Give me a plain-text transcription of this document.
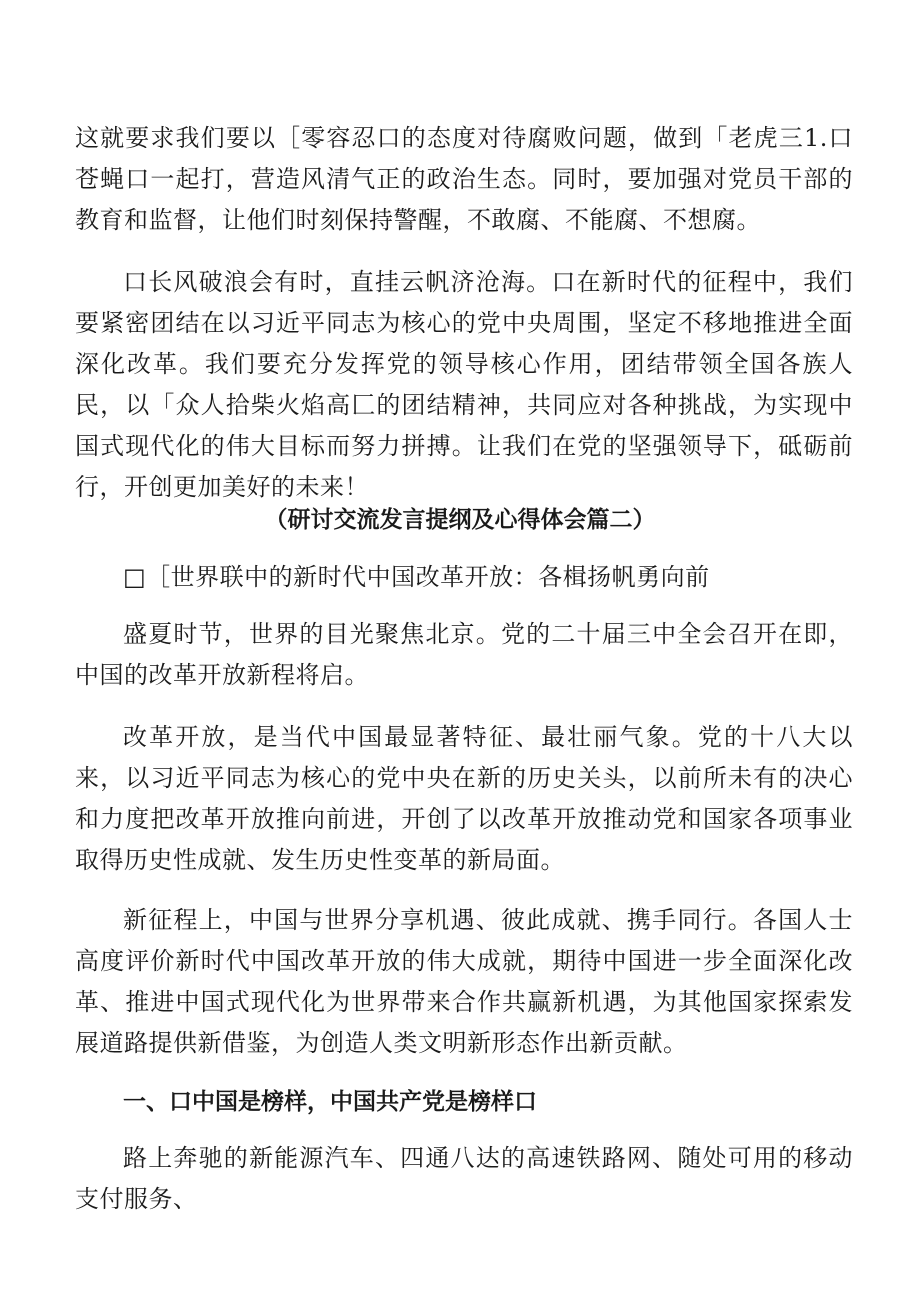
这就要求我们要以［零容忍口的态度对待腐败问题，做到「老虎三1.口苍蝇口一起打，营造风清气正的政治生态。同时，要加强对党员干部的教育和监督，让他们时刻保持警醒，不敢腐、不能腐、不想腐。

口长风破浪会有时，直挂云帆济沧海。口在新时代的征程中，我们要紧密团结在以习近平同志为核心的党中央周围，坚定不移地推进全面深化改革。我们要充分发挥党的领导核心作用，团结带领全国各族人民，以「众人拾柴火焰高匚的团结精神，共同应对各种挑战，为实现中国式现代化的伟大目标而努力拼搏。让我们在党的坚强领导下，砥砺前行，开创更加美好的未来！

（研讨交流发言提纲及心得体会篇二）

□［世界联中的新时代中国改革开放：各楫扬帆勇向前

盛夏时节，世界的目光聚焦北京。党的二十届三中全会召开在即，中国的改革开放新程将启。

改革开放，是当代中国最显著特征、最壮丽气象。党的十八大以来，以习近平同志为核心的党中央在新的历史关头，以前所未有的决心和力度把改革开放推向前进，开创了以改革开放推动党和国家各项事业取得历史性成就、发生历史性变革的新局面。

新征程上，中国与世界分享机遇、彼此成就、携手同行。各国人士高度评价新时代中国改革开放的伟大成就，期待中国进一步全面深化改革、推进中国式现代化为世界带来合作共赢新机遇，为其他国家探索发展道路提供新借鉴，为创造人类文明新形态作出新贡献。

一、口中国是榜样，中国共产党是榜样口

路上奔驰的新能源汽车、四通八达的高速铁路网、随处可用的移动支付服务、
